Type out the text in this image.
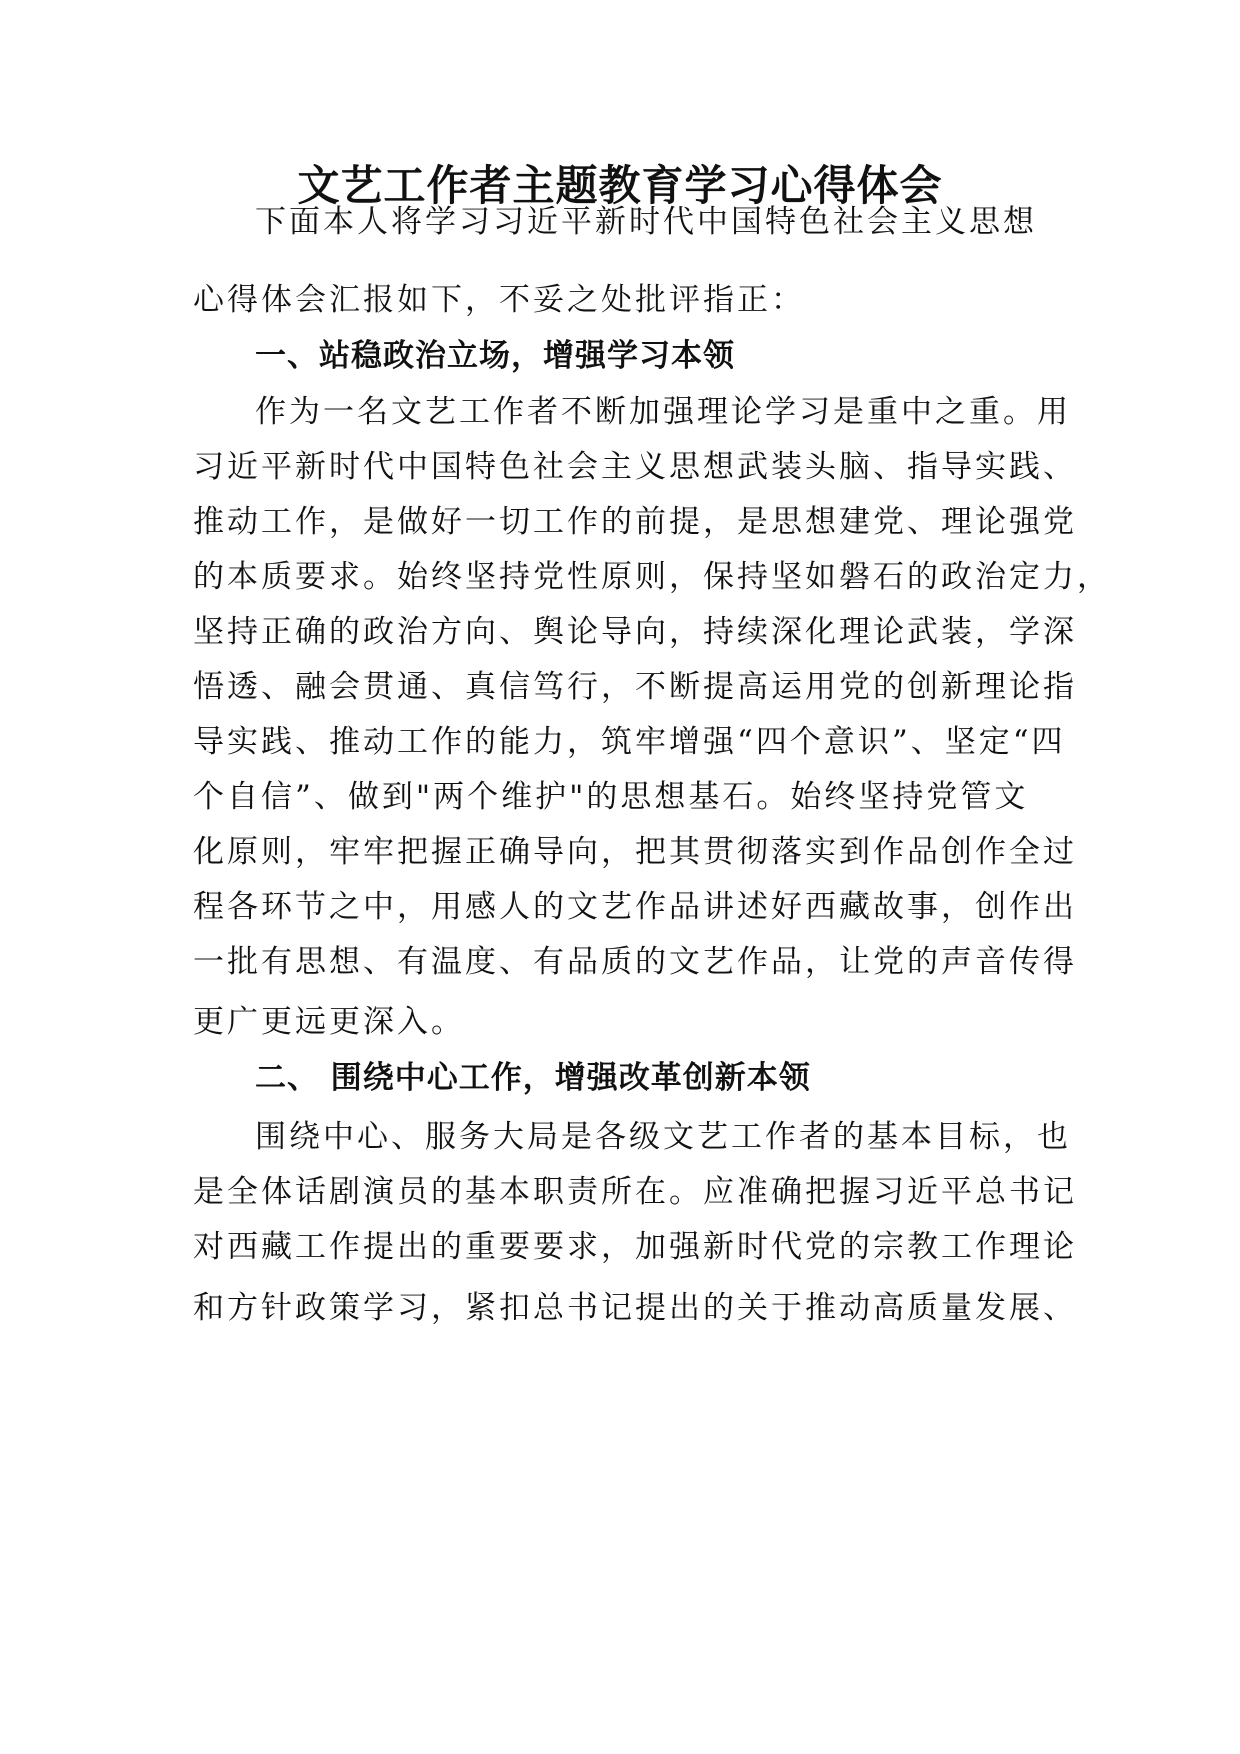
文艺工作者主题教育学习心得体会
下面本人将学习习近平新时代中国特色社会主义思想
心得体会汇报如下，不妥之处批评指正：
一、站稳政治立场，增强学习本领
作为一名文艺工作者不断加强理论学习是重中之重。用
习近平新时代中国特色社会主义思想武装头脑、指导实践、
推动工作，是做好一切工作的前提，是思想建党、理论强党
的本质要求。始终坚持党性原则，保持坚如磐石的政治定力，
坚持正确的政治方向、舆论导向，持续深化理论武装，学深
悟透、融会贯通、真信笃行，不断提高运用党的创新理论指
导实践、推动工作的能力，筑牢增强“四个意识”、坚定“四
个自信”、做到"两个维护"的思想基石。始终坚持党管文
化原则，牢牢把握正确导向，把其贯彻落实到作品创作全过
程各环节之中，用感人的文艺作品讲述好西藏故事，创作出
一批有思想、有温度、有品质的文艺作品，让党的声音传得
更广更远更深入。
二、 围绕中心工作，增强改革创新本领
围绕中心、服务大局是各级文艺工作者的基本目标，也
是全体话剧演员的基本职责所在。应准确把握习近平总书记
对西藏工作提出的重要要求，加强新时代党的宗教工作理论
和方针政策学习，紧扣总书记提出的关于推动高质量发展、
